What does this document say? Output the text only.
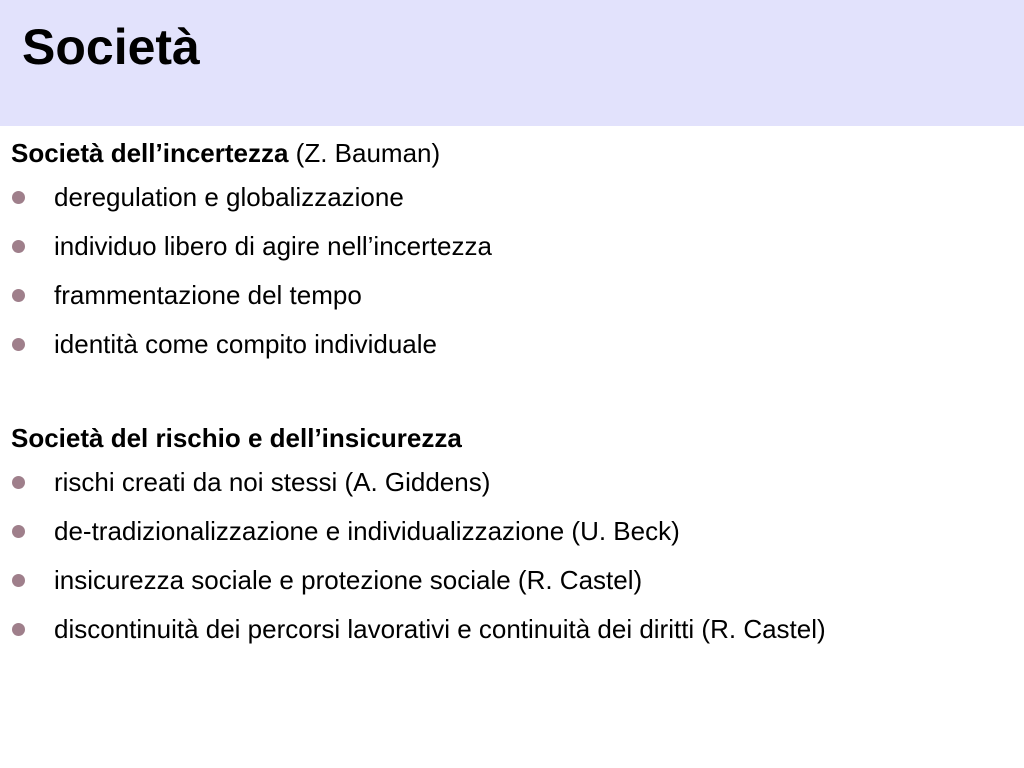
Società
Società dell’incertezza (Z. Bauman)
deregulation e globalizzazione
individuo libero di agire nell’incertezza
frammentazione del tempo
identità come compito individuale
Società del rischio e dell’insicurezza
rischi creati da noi stessi (A. Giddens)
de-tradizionalizzazione e individualizzazione (U. Beck)
insicurezza sociale e protezione sociale (R. Castel)
discontinuità dei percorsi lavorativi e continuità dei diritti (R. Castel)
